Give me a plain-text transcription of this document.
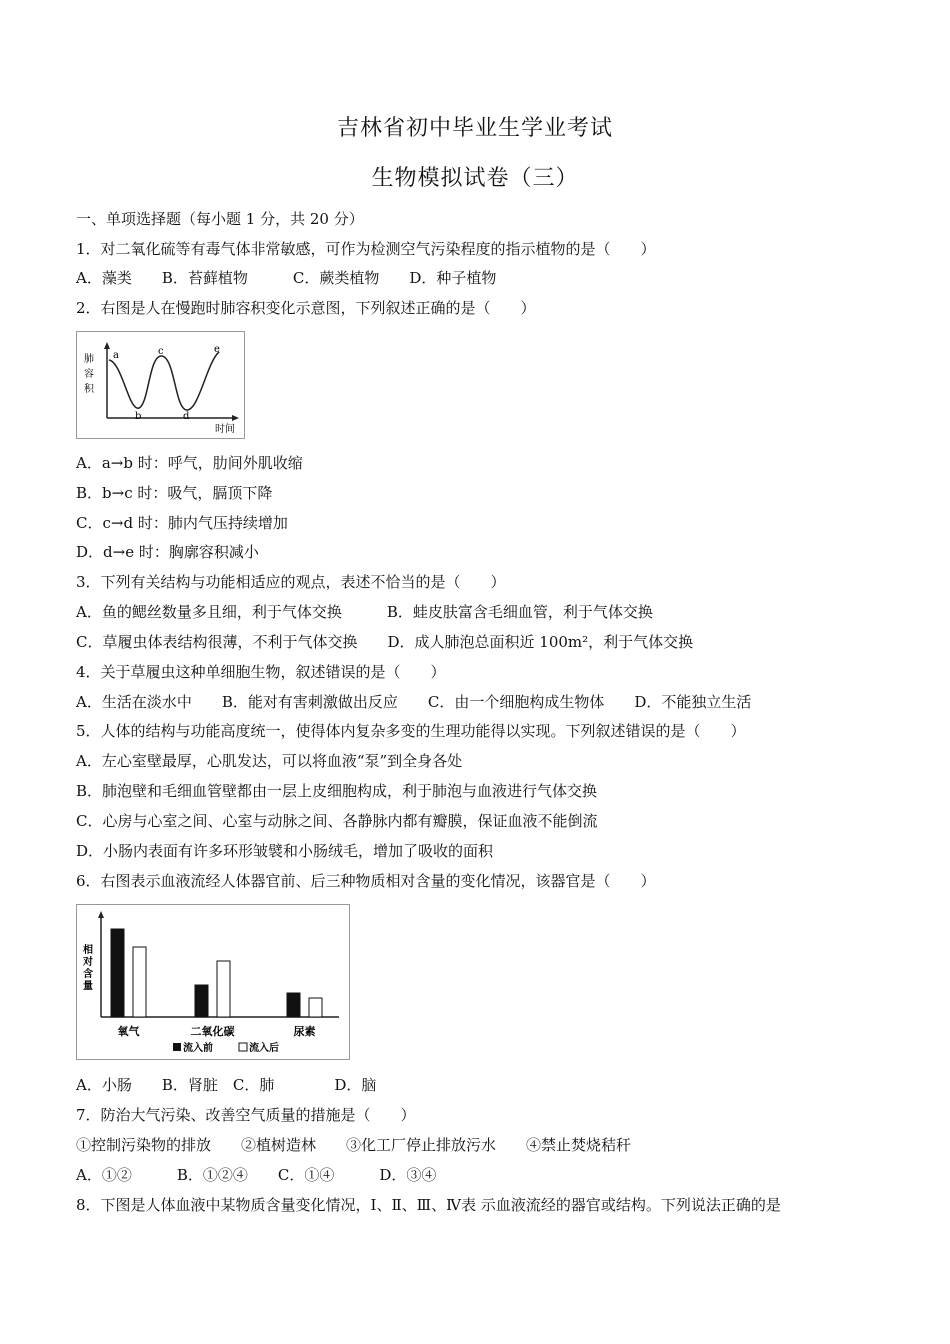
吉林省初中毕业生学业考试
生物模拟试卷（三）
一、单项选择题（每小题 1 分，共 20 分）
1．对二氧化硫等有毒气体非常敏感，可作为检测空气污染程度的指示植物的是（　　）
A．藻类　　B．苔藓植物　　　C．蕨类植物　　D．种子植物
2．右图是人在慢跑时肺容积变化示意图，下列叙述正确的是（　　）
肺
容
积
a
b
c
d
e
时间
A．a→b 时：呼气，肋间外肌收缩
B．b→c 时：吸气，膈顶下降
C．c→d 时：肺内气压持续增加
D．d→e 时：胸廓容积减小
3．下列有关结构与功能相适应的观点，表述不恰当的是（　　）
A．鱼的鳃丝数量多且细，利于气体交换　　　B．蛙皮肤富含毛细血管，利于气体交换
C．草履虫体表结构很薄，不利于气体交换　　D．成人肺泡总面积近 100m²，利于气体交换
4．关于草履虫这种单细胞生物，叙述错误的是（　　）
A．生活在淡水中　　B．能对有害刺激做出反应　　C．由一个细胞构成生物体　　D．不能独立生活
5．人体的结构与功能高度统一，使得体内复杂多变的生理功能得以实现。下列叙述错误的是（　　）
A．左心室壁最厚，心肌发达，可以将血液“泵”到全身各处
B．肺泡壁和毛细血管壁都由一层上皮细胞构成，利于肺泡与血液进行气体交换
C．心房与心室之间、心室与动脉之间、各静脉内都有瓣膜，保证血液不能倒流
D．小肠内表面有许多环形皱襞和小肠绒毛，增加了吸收的面积
6．右图表示血液流经人体器官前、后三种物质相对含量的变化情况，该器官是（　　）
相
对
含
量
氧气	二氧化碳	尿素
流入前	流入后
A．小肠　　B．肾脏　C．肺　　　　D．脑
7．防治大气污染、改善空气质量的措施是（　　）
①控制污染物的排放　　②植树造林　　③化工厂停止排放污水　　④禁止焚烧秸秆
A．①②　　　B．①②④　　C．①④　　　D．③④
8．下图是人体血液中某物质含量变化情况，Ⅰ、Ⅱ、Ⅲ、Ⅳ表 示血液流经的器官或结构。下列说法正确的是
